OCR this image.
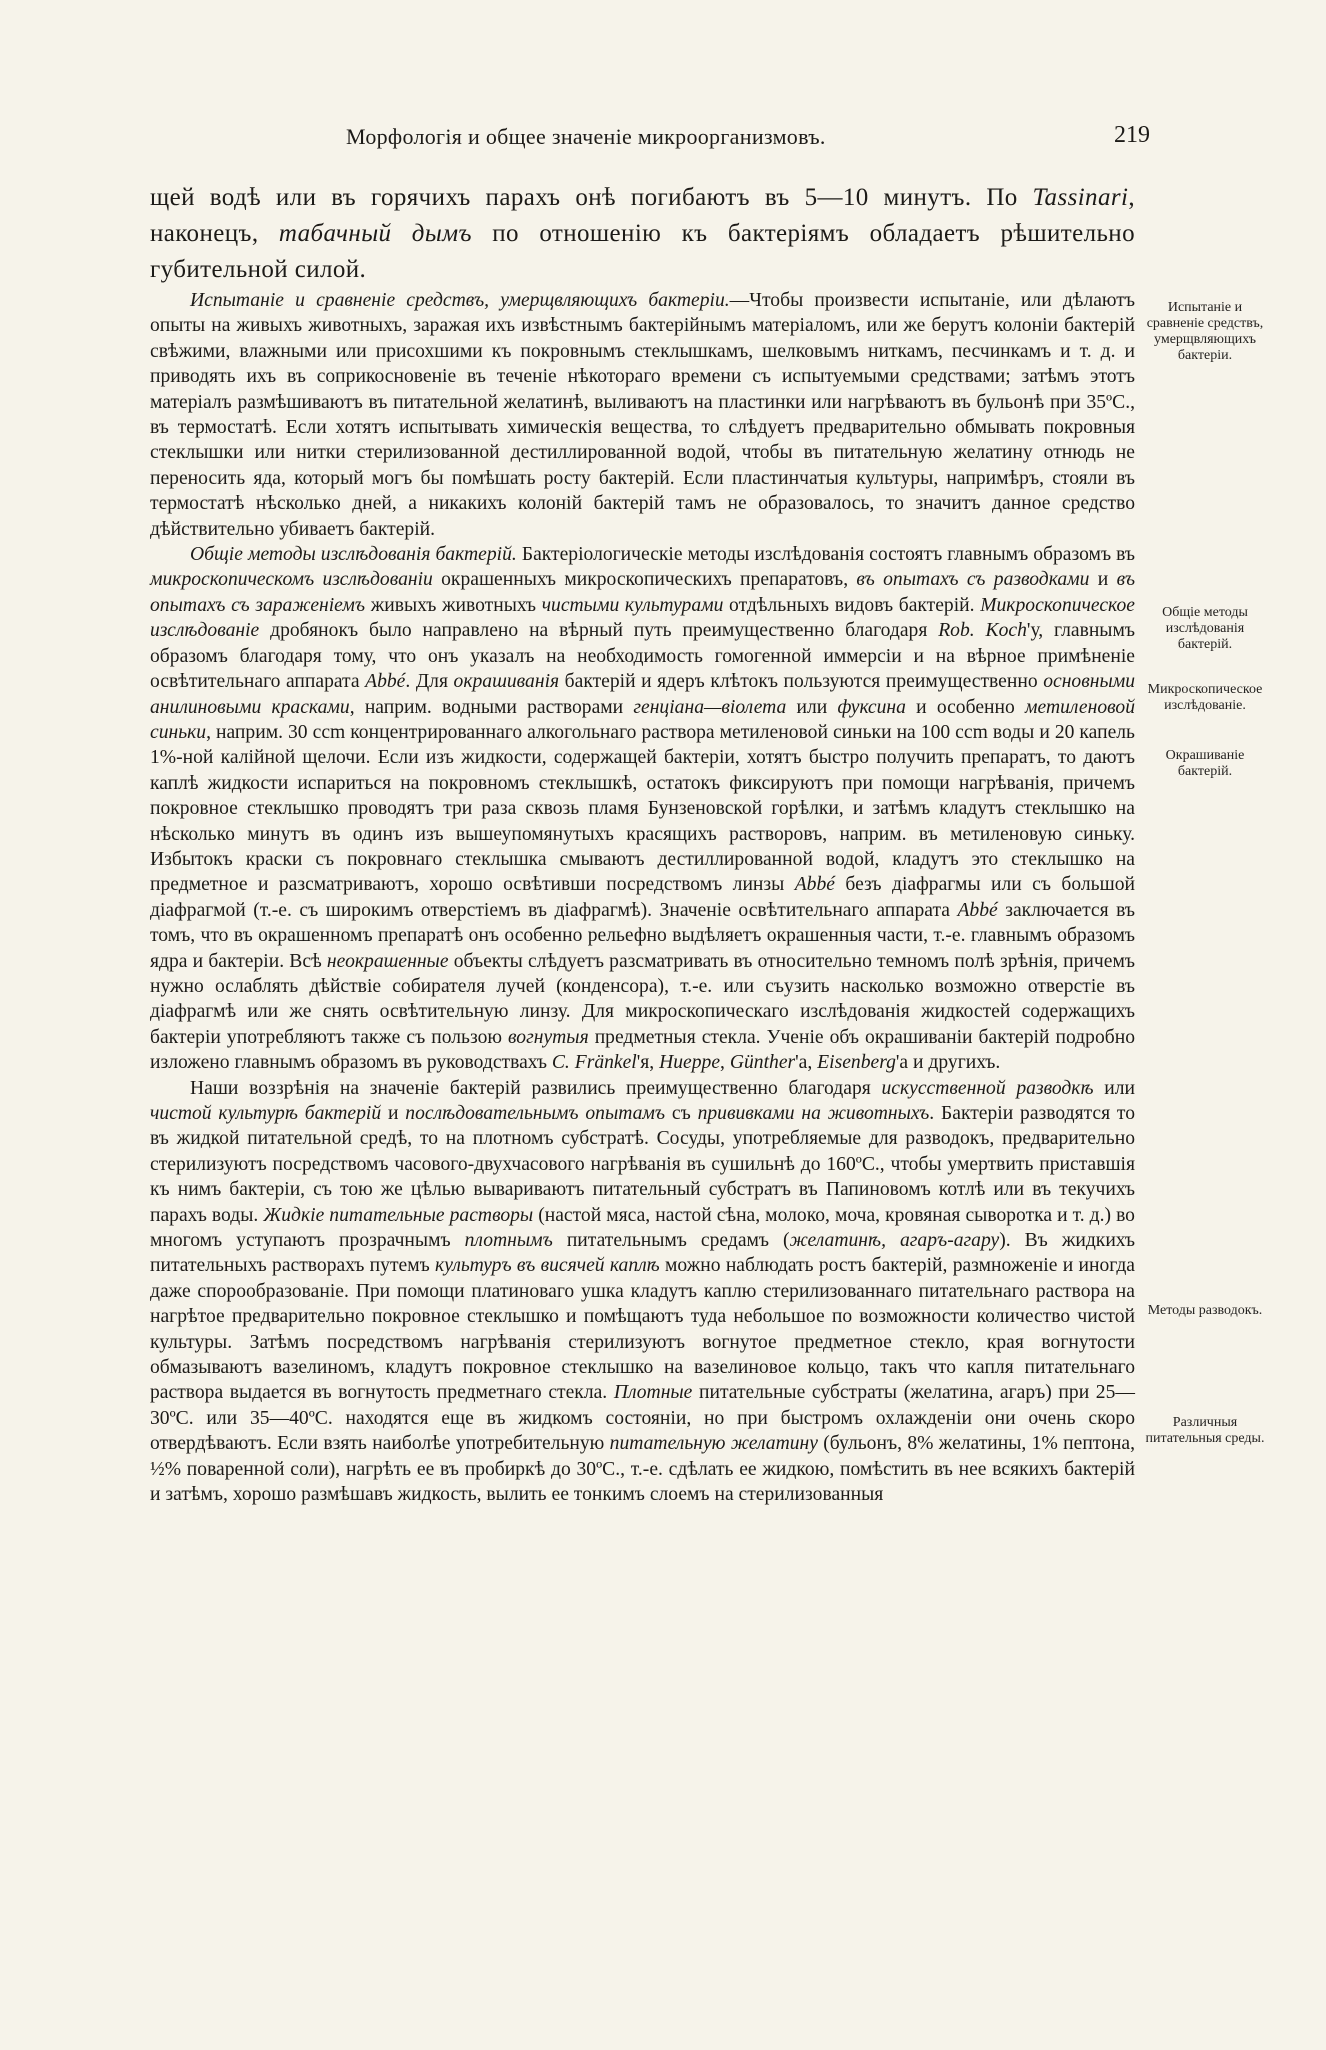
Морфологія и общее значеніе микроорганизмовъ.	219

щей водѣ или въ горячихъ парахъ онѣ погибаютъ въ 5—10 минутъ. По Tassinari, наконецъ, табачный дымъ по отношенію къ бактеріямъ обладаетъ рѣшительно губительной силой.

Испытаніе и сравненіе средствъ, умерщвляющихъ бактеріи.—Чтобы произвести испытаніе, или дѣлаютъ опыты на живыхъ животныхъ, заражая ихъ извѣстнымъ бактерійнымъ матеріаломъ, или же берутъ колоніи бактерій свѣжими, влажными или присохшими къ покровнымъ стеклышкамъ, шелковымъ ниткамъ, песчинкамъ и т. д. и приводять ихъ въ соприкосновеніе въ теченіе нѣкотораго времени съ испытуемыми средствами; затѣмъ этотъ матеріалъ размѣшиваютъ въ питательной желатинѣ, выливаютъ на пластинки или нагрѣваютъ въ бульонѣ при 35ºС., въ термостатѣ. Если хотятъ испытывать химическія вещества, то слѣдуетъ предварительно обмывать покровныя стеклышки или нитки стерилизованной дестиллированной водой, чтобы въ питательную желатину отнюдь не переносить яда, который могъ бы помѣшать росту бактерій. Если пластинчатыя культуры, напримѣръ, стояли въ термостатѣ нѣсколько дней, а никакихъ колоній бактерій тамъ не образовалось, то значитъ данное средство дѣйствительно убиваетъ бактерій.

Общіе методы изслѣдованія бактерій. Бактеріологическіе методы изслѣдованія состоятъ главнымъ образомъ въ микроскопическомъ изслѣдованіи окрашенныхъ микроскопическихъ препаратовъ, въ опытахъ съ разводками и въ опытахъ съ зараженіемъ живыхъ животныхъ чистыми культурами отдѣльныхъ видовъ бактерій. Микроскопическое изслѣдованіе дробянокъ было направлено на вѣрный путь преимущественно благодаря Rob. Koch'у, главнымъ образомъ благодаря тому, что онъ указалъ на необходимость гомогенной иммерсіи и на вѣрное примѣненіе освѣтительнаго аппарата Abbé. Для окрашиванія бактерій и ядеръ клѣтокъ пользуются преимущественно основными анилиновыми красками, наприм. водными растворами генціана—віолета или фуксина и особенно метиленовой синьки, наприм. 30 ccm концентрированнаго алкогольнаго раствора метиленовой синьки на 100 ccm воды и 20 капель 1%-ной калійной щелочи. Если изъ жидкости, содержащей бактеріи, хотятъ быстро получить препаратъ, то даютъ каплѣ жидкости испариться на покровномъ стеклышкѣ, остатокъ фиксируютъ при помощи нагрѣванія, причемъ покровное стеклышко проводятъ три раза сквозь пламя Бунзеновской горѣлки, и затѣмъ кладутъ стеклышко на нѣсколько минутъ въ одинъ изъ вышеупомянутыхъ красящихъ растворовъ, наприм. въ метиленовую синьку. Избытокъ краски съ покровнаго стеклышка смываютъ дестиллированной водой, кладутъ это стеклышко на предметное и разсматриваютъ, хорошо освѣтивши посредствомъ линзы Abbé безъ діафрагмы или съ большой діафрагмой (т.-е. съ широкимъ отверстіемъ въ діафрагмѣ). Значеніе освѣтительнаго аппарата Abbé заключается въ томъ, что въ окрашенномъ препаратѣ онъ особенно рельефно выдѣляетъ окрашенныя части, т.-е. главнымъ образомъ ядра и бактеріи. Всѣ неокрашенные объекты слѣдуетъ разсматривать въ относительно темномъ полѣ зрѣнія, причемъ нужно ослаблять дѣйствіе собирателя лучей (конденсора), т.-е. или съузить насколько возможно отверстіе въ діафрагмѣ или же снять освѣтительную линзу. Для микроскопическаго изслѣдованія жидкостей содержащихъ бактеріи употребляютъ также съ пользою вогнутыя предметныя стекла. Ученіе объ окрашиваніи бактерій подробно изложено главнымъ образомъ въ руководствахъ C. Fränkel'я, Hueppe, Günther'а, Eisenberg'а и другихъ.

Наши воззрѣнія на значеніе бактерій развились преимущественно благодаря искусственной разводкѣ или чистой культурѣ бактерій и послѣдовательнымъ опытамъ съ прививками на животныхъ. Бактеріи разводятся то въ жидкой питательной средѣ, то на плотномъ субстратѣ. Сосуды, употребляемые для разводокъ, предварительно стерилизуютъ посредствомъ часового-двухчасового нагрѣванія въ сушильнѣ до 160ºС., чтобы умертвить приставшія къ нимъ бактеріи, съ тою же цѣлью вывариваютъ питательный субстратъ въ Папиновомъ котлѣ или въ текучихъ парахъ воды. Жидкіе питательные растворы (настой мяса, настой сѣна, молоко, моча, кровяная сыворотка и т. д.) во многомъ уступаютъ прозрачнымъ плотнымъ питательнымъ средамъ (желатинѣ, агаръ-агару). Въ жидкихъ питательныхъ растворахъ путемъ культуръ въ висячей каплѣ можно наблюдать ростъ бактерій, размноженіе и иногда даже спорообразованіе. При помощи платиноваго ушка кладутъ каплю стерилизованнаго питательнаго раствора на нагрѣтое предварительно покровное стеклышко и помѣщаютъ туда небольшое по возможности количество чистой культуры. Затѣмъ посредствомъ нагрѣванія стерилизуютъ вогнутое предметное стекло, края вогнутости обмазываютъ вазелиномъ, кладутъ покровное стеклышко на вазелиновое кольцо, такъ что капля питательнаго раствора выдается въ вогнутость предметнаго стекла. Плотные питательные субстраты (желатина, агаръ) при 25—30ºС. или 35—40ºС. находятся еще въ жидкомъ состояніи, но при быстромъ охлажденіи они очень скоро отвердѣваютъ. Если взять наиболѣе употребительную питательную желатину (бульонъ, 8% желатины, 1% пептона, ½% поваренной соли), нагрѣть ее въ пробиркѣ до 30ºС., т.-е. сдѣлать ее жидкою, помѣстить въ нее всякихъ бактерій и затѣмъ, хорошо размѣшавъ жидкость, вылить ее тонкимъ слоемъ на стерилизованныя

Испытаніе и сравненіе средствъ, умерщвляющихъ бактеріи.
Общіе методы изслѣдованія бактерій.
Микроскопическое изслѣдованіе.
Окрашиваніе бактерій.
Методы разводокъ.
Различныя питательныя среды.
